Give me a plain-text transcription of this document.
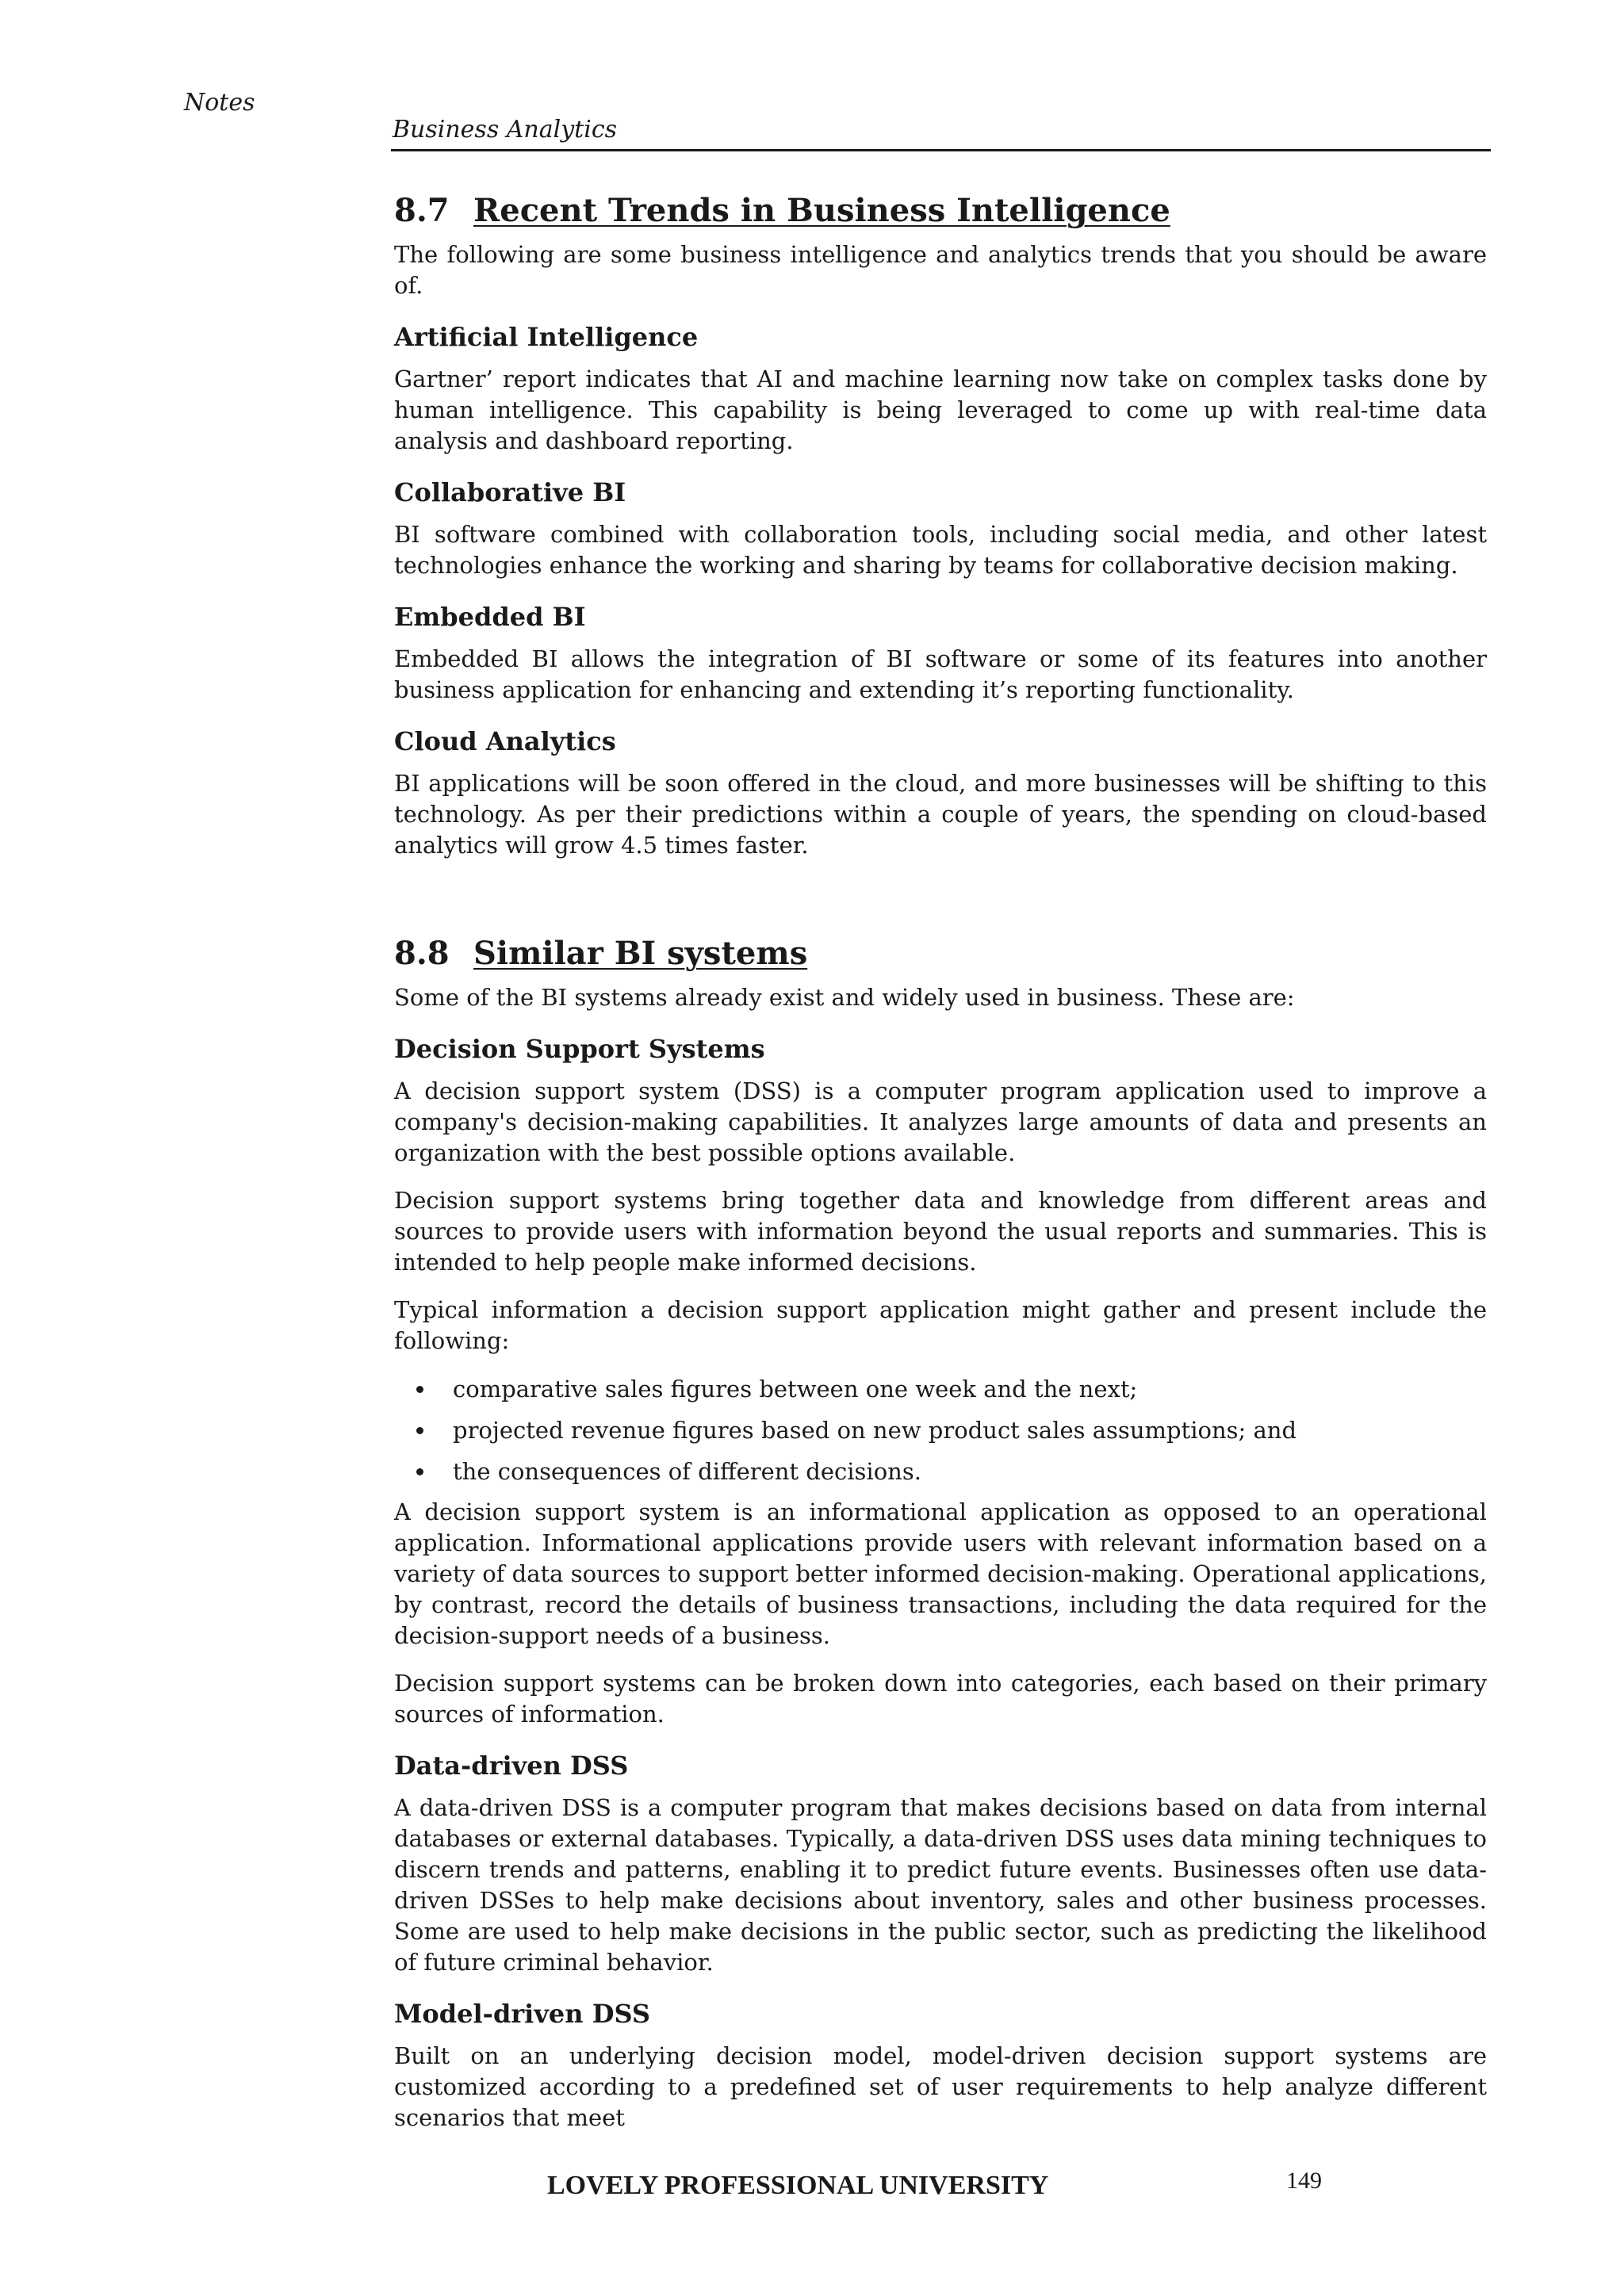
Notes
Business Analytics
8.7 Recent Trends in Business Intelligence

The following are some business intelligence and analytics trends that you should be aware of.

Artificial Intelligence

Gartner’ report indicates that AI and machine learning now take on complex tasks done by human intelligence. This capability is being leveraged to come up with real-time data analysis and dashboard reporting.

Collaborative BI

BI software combined with collaboration tools, including social media, and other latest technologies enhance the working and sharing by teams for collaborative decision making.

Embedded BI

Embedded BI allows the integration of BI software or some of its features into another business application for enhancing and extending it’s reporting functionality.

Cloud Analytics

BI applications will be soon offered in the cloud, and more businesses will be shifting to this technology. As per their predictions within a couple of years, the spending on cloud-based analytics will grow 4.5 times faster.

8.8 Similar BI systems

Some of the BI systems already exist and widely used in business. These are:

Decision Support Systems

A decision support system (DSS) is a computer program application used to improve a company's decision-making capabilities. It analyzes large amounts of data and presents an organization with the best possible options available.

Decision support systems bring together data and knowledge from different areas and sources to provide users with information beyond the usual reports and summaries. This is intended to help people make informed decisions.

Typical information a decision support application might gather and present include the following:

comparative sales figures between one week and the next;
projected revenue figures based on new product sales assumptions; and
the consequences of different decisions.

A decision support system is an informational application as opposed to an operational application. Informational applications provide users with relevant information based on a variety of data sources to support better informed decision-making. Operational applications, by contrast, record the details of business transactions, including the data required for the decision-support needs of a business.

Decision support systems can be broken down into categories, each based on their primary sources of information.

Data-driven DSS

A data-driven DSS is a computer program that makes decisions based on data from internal databases or external databases. Typically, a data-driven DSS uses data mining techniques to discern trends and patterns, enabling it to predict future events. Businesses often use data-driven DSSes to help make decisions about inventory, sales and other business processes. Some are used to help make decisions in the public sector, such as predicting the likelihood of future criminal behavior.

Model-driven DSS

Built on an underlying decision model, model-driven decision support systems are customized according to a predefined set of user requirements to help analyze different scenarios that meet

LOVELY PROFESSIONAL UNIVERSITY	149
